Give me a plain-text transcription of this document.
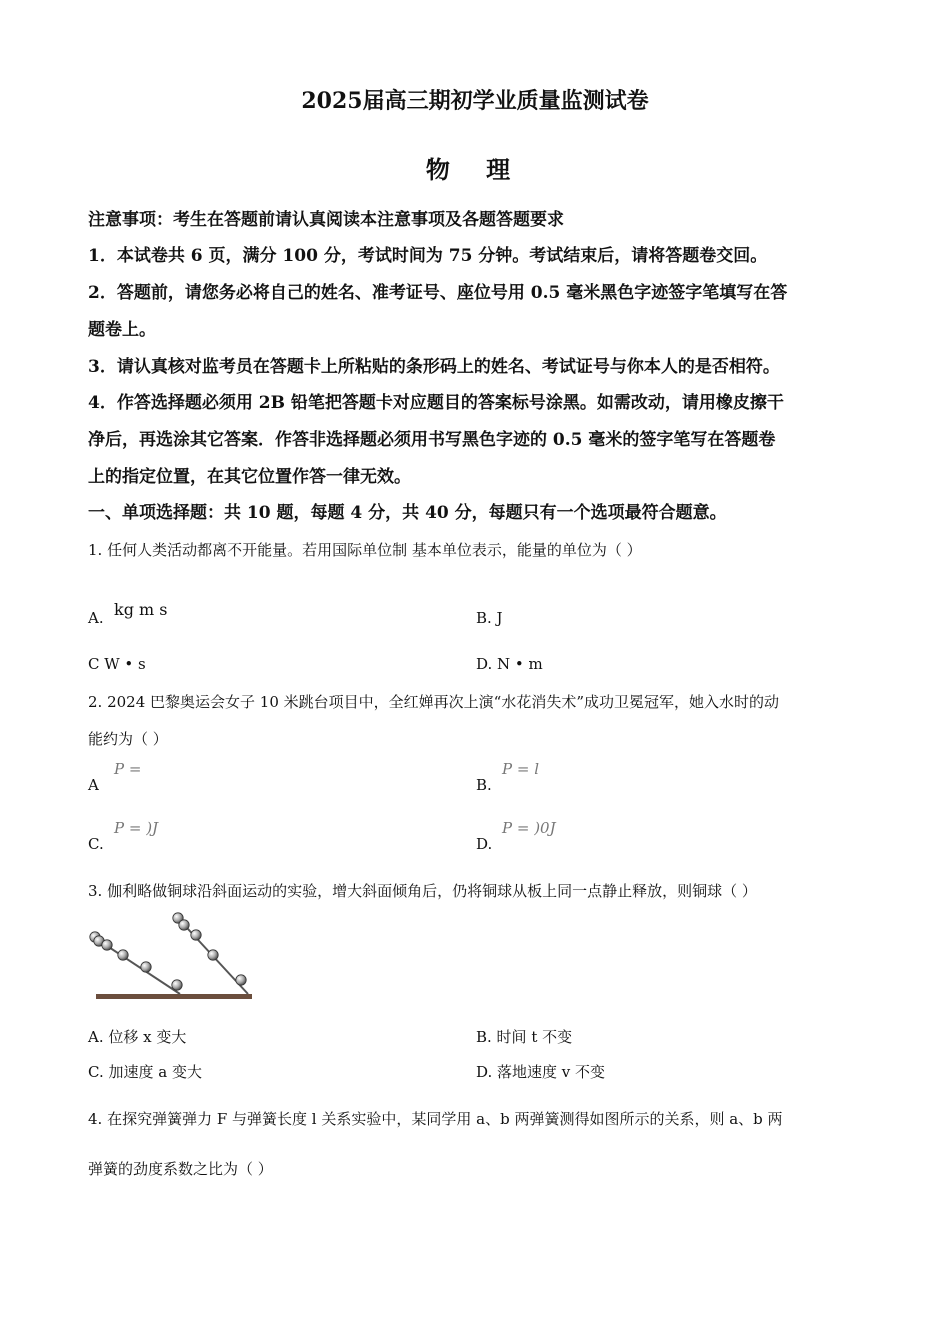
2025届高三期初学业质量监测试卷
物 理
注意事项：考生在答题前请认真阅读本注意事项及各题答题要求
1．本试卷共 6 页，满分 100 分，考试时间为 75 分钟。考试结束后，请将答题卷交回。
2．答题前，请您务必将自己的姓名、准考证号、座位号用 0.5 毫米黑色字迹签字笔填写在答
题卷上。
3．请认真核对监考员在答题卡上所粘贴的条形码上的姓名、考试证号与你本人的是否相符。
4．作答选择题必须用 2B 铅笔把答题卡对应题目的答案标号涂黑。如需改动，请用橡皮擦干
净后，再选涂其它答案．作答非选择题必须用书写黑色字迹的 0.5 毫米的签字笔写在答题卷
上的指定位置，在其它位置作答一律无效。
一、单项选择题：共 10 题，每题 4 分，共 40 分，每题只有一个选项最符合题意。
1. 任何人类活动都离不开能量。若用国际单位制 基本单位表示，能量的单位为（ ）
A. kg m s	B. J
C W • s	D. N • m
2. 2024 巴黎奥运会女子 10 米跳台项目中，全红婵再次上演“水花消失术”成功卫冕冠军，她入水时的动
能约为（ ）
A
P =
B.
P = l
C.
P = )J
D.
P = )0J
3. 伽利略做铜球沿斜面运动的实验，增大斜面倾角后，仍将铜球从板上同一点静止释放，则铜球（ ）
A. 位移 x 变大	B. 时间 t 不变
C. 加速度 a 变大	D. 落地速度 v 不变
4. 在探究弹簧弹力 F 与弹簧长度 l 关系实验中，某同学用 a、b 两弹簧测得如图所示的关系，则 a、b 两
弹簧的劲度系数之比为（ ）
